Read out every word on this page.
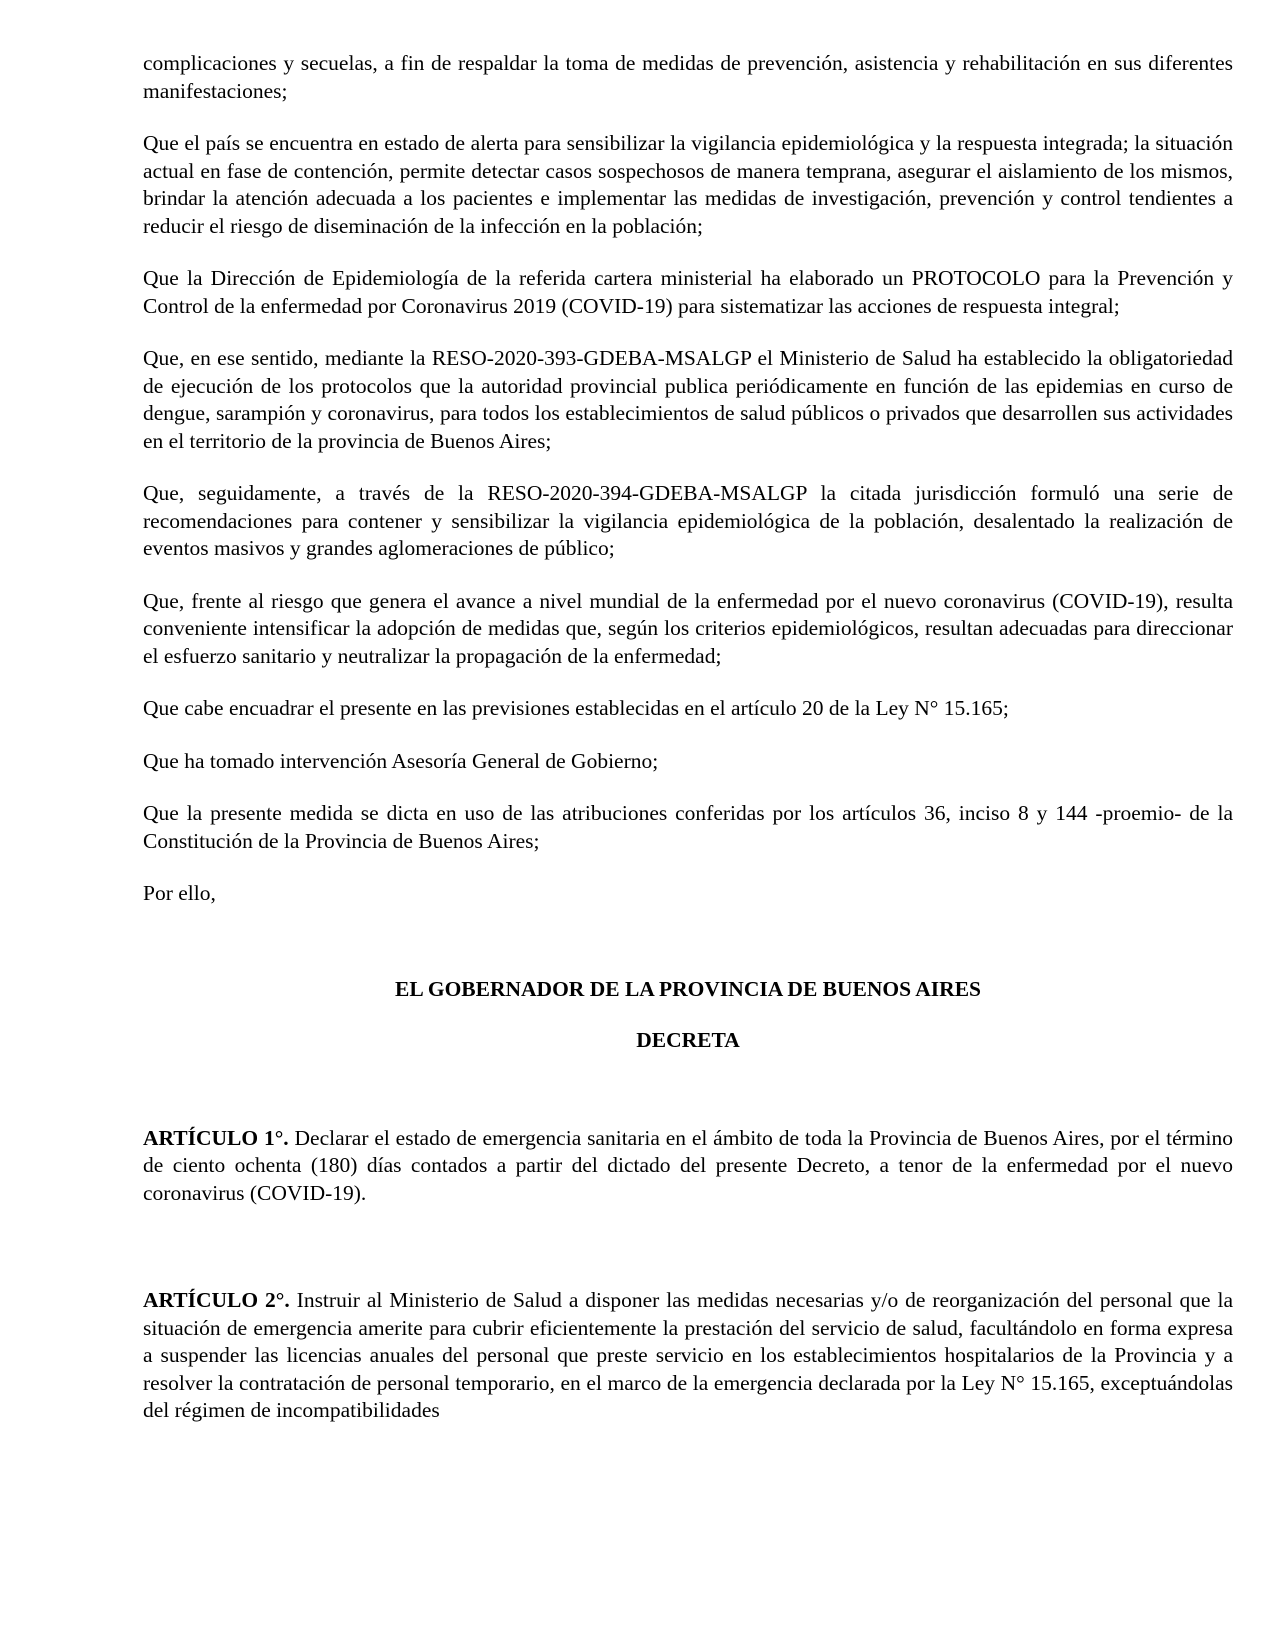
complicaciones y secuelas, a fin de respaldar la toma de medidas de prevención, asistencia y rehabilitación en sus diferentes manifestaciones;

Que el país se encuentra en estado de alerta para sensibilizar la vigilancia epidemiológica y la respuesta integrada; la situación actual en fase de contención, permite detectar casos sospechosos de manera temprana, asegurar el aislamiento de los mismos, brindar la atención adecuada a los pacientes e implementar las medidas de investigación, prevención y control tendientes a reducir el riesgo de diseminación de la infección en la población;

Que la Dirección de Epidemiología de la referida cartera ministerial ha elaborado un PROTOCOLO para la Prevención y Control de la enfermedad por Coronavirus 2019 (COVID-19) para sistematizar las acciones de respuesta integral;

Que, en ese sentido, mediante la RESO-2020-393-GDEBA-MSALGP el Ministerio de Salud ha establecido la obligatoriedad de ejecución de los protocolos que la autoridad provincial publica periódicamente en función de las epidemias en curso de dengue, sarampión y coronavirus, para todos los establecimientos de salud públicos o privados que desarrollen sus actividades en el territorio de la provincia de Buenos Aires;

Que, seguidamente, a través de la RESO-2020-394-GDEBA-MSALGP la citada jurisdicción formuló una serie de recomendaciones para contener y sensibilizar la vigilancia epidemiológica de la población, desalentado la realización de eventos masivos y grandes aglomeraciones de público;

Que, frente al riesgo que genera el avance a nivel mundial de la enfermedad por el nuevo coronavirus (COVID-19), resulta conveniente intensificar la adopción de medidas que, según los criterios epidemiológicos, resultan adecuadas para direccionar el esfuerzo sanitario y neutralizar la propagación de la enfermedad;

Que cabe encuadrar el presente en las previsiones establecidas en el artículo 20 de la Ley N° 15.165;

Que ha tomado intervención Asesoría General de Gobierno;

Que la presente medida se dicta en uso de las atribuciones conferidas por los artículos 36, inciso 8 y 144 -proemio- de la Constitución de la Provincia de Buenos Aires;

Por ello,

EL GOBERNADOR DE LA PROVINCIA DE BUENOS AIRES

DECRETA

ARTÍCULO 1°. Declarar el estado de emergencia sanitaria en el ámbito de toda la Provincia de Buenos Aires, por el término de ciento ochenta (180) días contados a partir del dictado del presente Decreto, a tenor de la enfermedad por el nuevo coronavirus (COVID-19).

ARTÍCULO 2°. Instruir al Ministerio de Salud a disponer las medidas necesarias y/o de reorganización del personal que la situación de emergencia amerite para cubrir eficientemente la prestación del servicio de salud, facultándolo en forma expresa a suspender las licencias anuales del personal que preste servicio en los establecimientos hospitalarios de la Provincia y a resolver la contratación de personal temporario, en el marco de la emergencia declarada por la Ley N° 15.165, exceptuándolas del régimen de incompatibilidades
